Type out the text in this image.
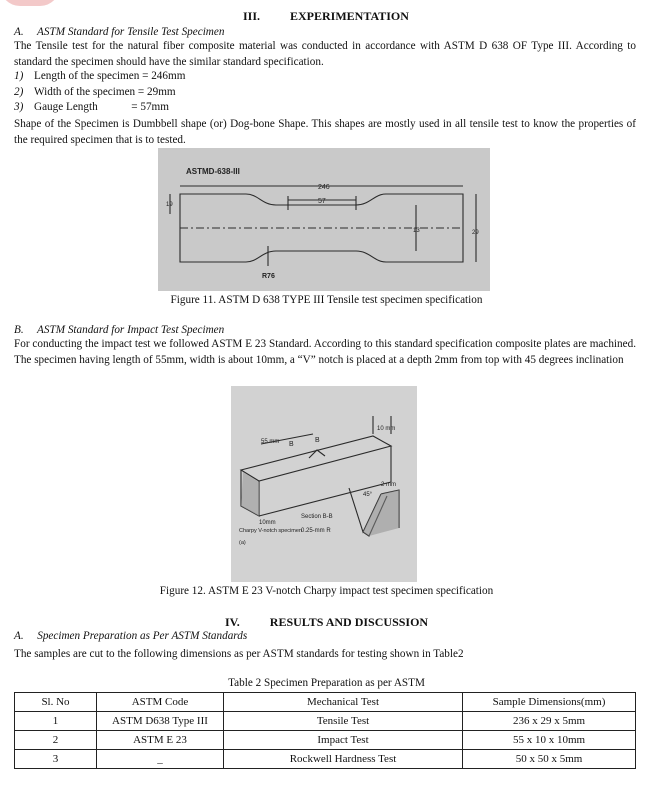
III.	EXPERIMENTATION
A. ASTM Standard for Tensile Test Specimen
The Tensile test for the natural fiber composite material was conducted in accordance with ASTM D 638 OF Type III. According to standard the specimen should have the similar standard specification.
1) Length of the specimen = 246mm
2) Width of the specimen = 29mm
3) Gauge Length            = 57mm
Shape of the Specimen is Dumbbell shape (or) Dog-bone Shape. This shapes are mostly used in all tensile test to know the properties of the required specimen that is to tested.
ASTMD-638-III
246
57
19
29
13
R76
Figure 11. ASTM D 638 TYPE III Tensile test specimen specification
B. ASTM Standard for Impact Test Specimen
For conducting the impact test we followed ASTM E 23 Standard. According to this standard specification composite plates are machined. The specimen having length of 55mm, width is about 10mm, a “V” notch is placed at a depth 2mm from top with 45 degrees inclination
55 mm
10 mm
B
B
45°
2 mm
Section B-B
10mm
0.25-mm R
Charpy V-notch specimen
(a)
Figure 12. ASTM E 23 V-notch Charpy impact test specimen specification
IV.	RESULTS AND DISCUSSION
A. Specimen Preparation as Per ASTM Standards
The samples are cut to the following dimensions as per ASTM standards for testing shown in Table2
Table 2 Specimen Preparation as per ASTM
Sl. No	ASTM Code	Mechanical Test	Sample Dimensions(mm)
1	ASTM D638 Type III	Tensile Test	236 x 29 x 5mm
2	ASTM E 23	Impact Test	55 x 10 x 10mm
3	_	Rockwell Hardness Test	50 x 50 x 5mm
